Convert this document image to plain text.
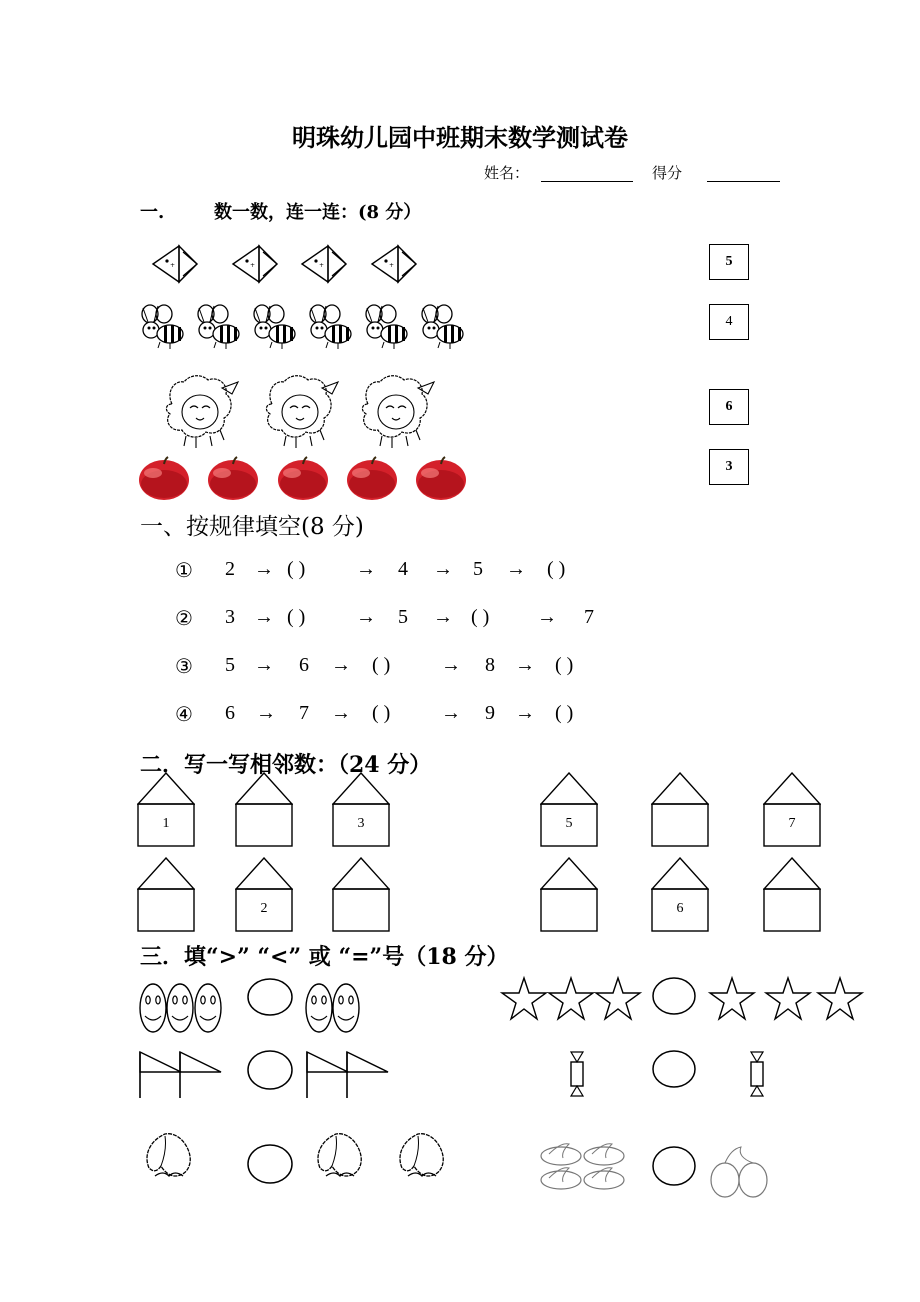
明珠幼儿园中班期末数学测试卷
姓名：	得分
一.	数一数，连一连：(8 分）
+
5
4
6
3
一、按规律填空(8 分)
① 2 → ( )	→ 4 → 5 → ( )
② 3 → ( )	→ 5 → ( ) → 7
③ 5 → 6 → ( )	→ 8 → ( )
④ 6 → 7 → ( )	→ 9 → ( )
二．写一写相邻数：（24 分）
1	3	5	7
2	6
三．填“>” “<” 或 “=”号（18 分）
